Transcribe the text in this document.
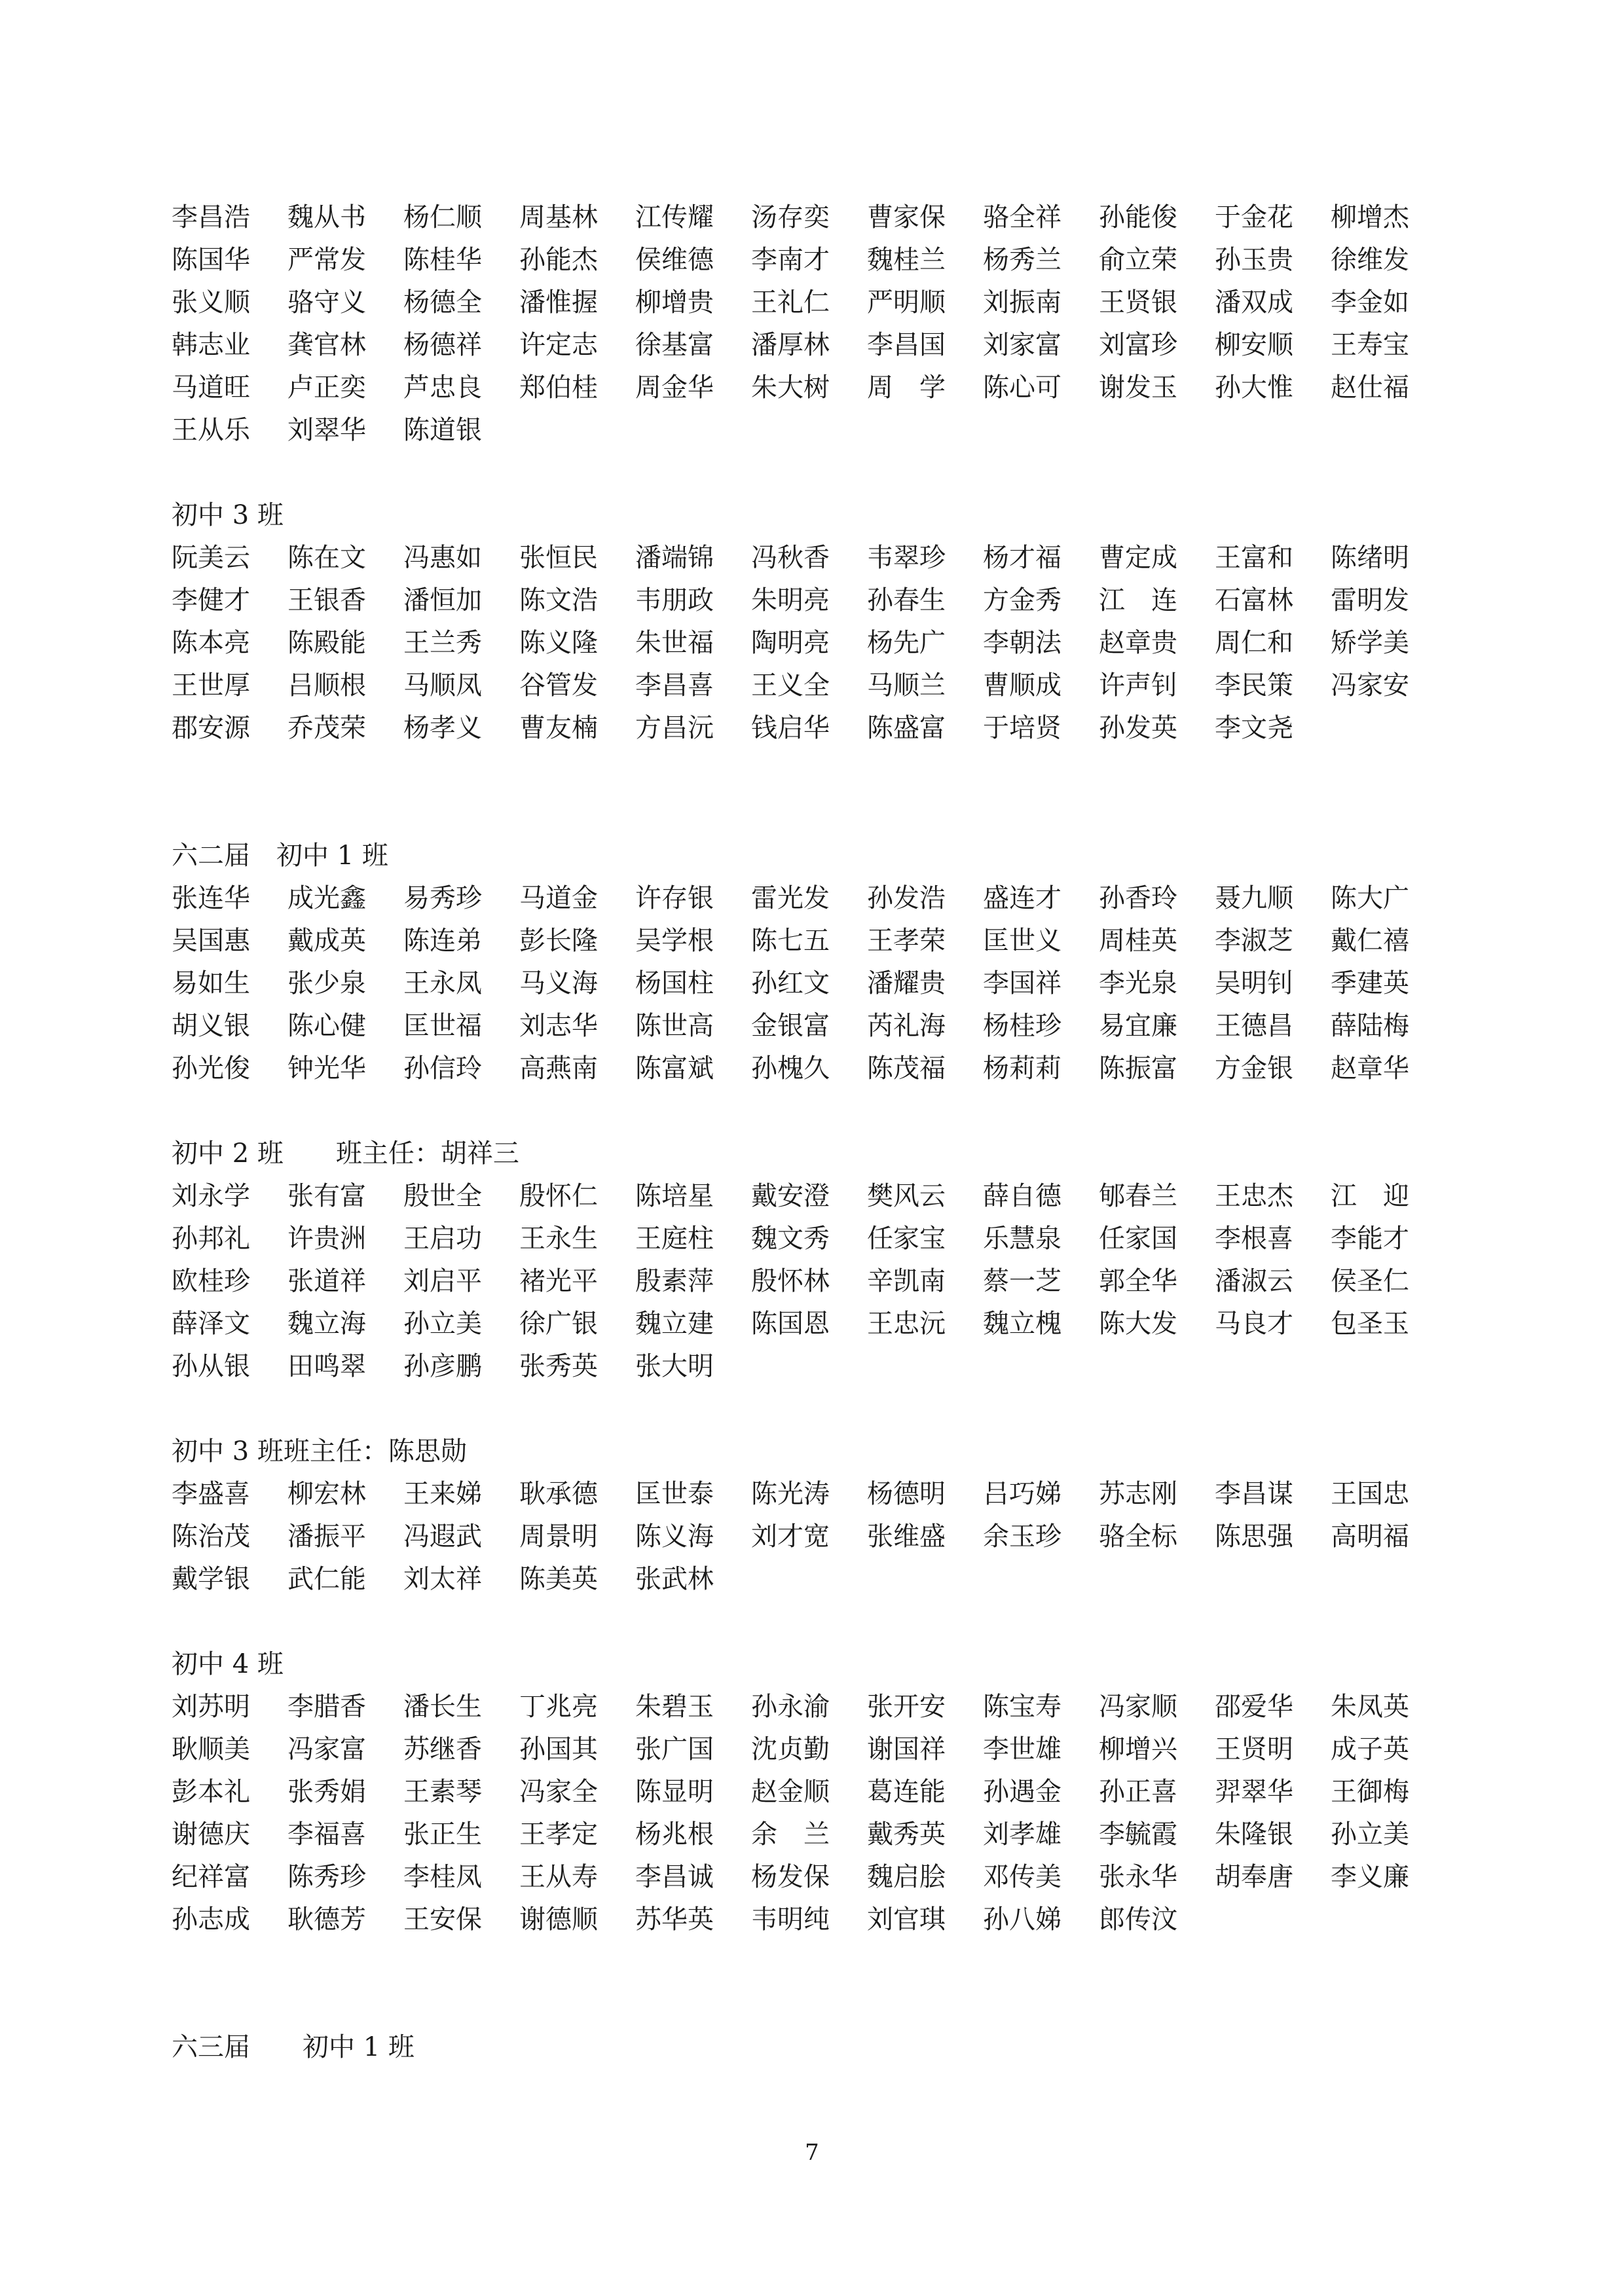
李昌浩	魏从书	杨仁顺	周基林	江传耀	汤存奕	曹家保	骆全祥	孙能俊	于金花	柳增杰
陈国华	严常发	陈桂华	孙能杰	侯维德	李南才	魏桂兰	杨秀兰	俞立荣	孙玉贵	徐维发
张义顺	骆守义	杨德全	潘惟握	柳增贵	王礼仁	严明顺	刘振南	王贤银	潘双成	李金如
韩志业	龚官林	杨德祥	许定志	徐基富	潘厚林	李昌国	刘家富	刘富珍	柳安顺	王寿宝
马道旺	卢正奕	芦忠良	郑伯桂	周金华	朱大树	周　学	陈心可	谢发玉	孙大惟	赵仕福
王从乐	刘翠华	陈道银
初中 3 班
阮美云	陈在文	冯惠如	张恒民	潘端锦	冯秋香	韦翠珍	杨才福	曹定成	王富和	陈绪明
李健才	王银香	潘恒加	陈文浩	韦朋政	朱明亮	孙春生	方金秀	江　连	石富林	雷明发
陈本亮	陈殿能	王兰秀	陈义隆	朱世福	陶明亮	杨先广	李朝法	赵章贵	周仁和	矫学美
王世厚	吕顺根	马顺凤	谷管发	李昌喜	王义全	马顺兰	曹顺成	许声钊	李民策	冯家安
郡安源	乔茂荣	杨孝义	曹友楠	方昌沅	钱启华	陈盛富	于培贤	孙发英	李文尧
六二届　初中 1 班
张连华	成光鑫	易秀珍	马道金	许存银	雷光发	孙发浩	盛连才	孙香玲	聂九顺	陈大广
吴国惠	戴成英	陈连弟	彭长隆	吴学根	陈七五	王孝荣	匡世义	周桂英	李淑芝	戴仁禧
易如生	张少泉	王永凤	马义海	杨国柱	孙红文	潘耀贵	李国祥	李光泉	吴明钊	季建英
胡义银	陈心健	匡世福	刘志华	陈世高	金银富	芮礼海	杨桂珍	易宜廉	王德昌	薛陆梅
孙光俊	钟光华	孙信玲	高燕南	陈富斌	孙槐久	陈茂福	杨莉莉	陈振富	方金银	赵章华
初中 2 班　　班主任：胡祥三
刘永学	张有富	殷世全	殷怀仁	陈培星	戴安澄	樊风云	薛自德	郇春兰	王忠杰	江　迎
孙邦礼	许贵洲	王启功	王永生	王庭柱	魏文秀	任家宝	乐慧泉	任家国	李根喜	李能才
欧桂珍	张道祥	刘启平	褚光平	殷素萍	殷怀林	辛凯南	蔡一芝	郭全华	潘淑云	侯圣仁
薛泽文	魏立海	孙立美	徐广银	魏立建	陈国恩	王忠沅	魏立槐	陈大发	马良才	包圣玉
孙从银	田鸣翠	孙彦鹏	张秀英	张大明
初中 3 班班主任：陈思勋
李盛喜	柳宏林	王来娣	耿承德	匡世泰	陈光涛	杨德明	吕巧娣	苏志刚	李昌谋	王国忠
陈治茂	潘振平	冯遐武	周景明	陈义海	刘才宽	张维盛	余玉珍	骆全标	陈思强	高明福
戴学银	武仁能	刘太祥	陈美英	张武林
初中 4 班
刘苏明	李腊香	潘长生	丁兆亮	朱碧玉	孙永渝	张开安	陈宝寿	冯家顺	邵爱华	朱凤英
耿顺美	冯家富	苏继香	孙国其	张广国	沈贞勤	谢国祥	李世雄	柳增兴	王贤明	成子英
彭本礼	张秀娟	王素琴	冯家全	陈显明	赵金顺	葛连能	孙遇金	孙正喜	羿翠华	王御梅
谢德庆	李福喜	张正生	王孝定	杨兆根	余　兰	戴秀英	刘孝雄	李毓霞	朱隆银	孙立美
纪祥富	陈秀珍	李桂凤	王从寿	李昌诚	杨发保	魏启脍	邓传美	张永华	胡奉唐	李义廉
孙志成	耿德芳	王安保	谢德顺	苏华英	韦明纯	刘官琪	孙八娣	郎传汶
六三届　　初中 1 班
7
